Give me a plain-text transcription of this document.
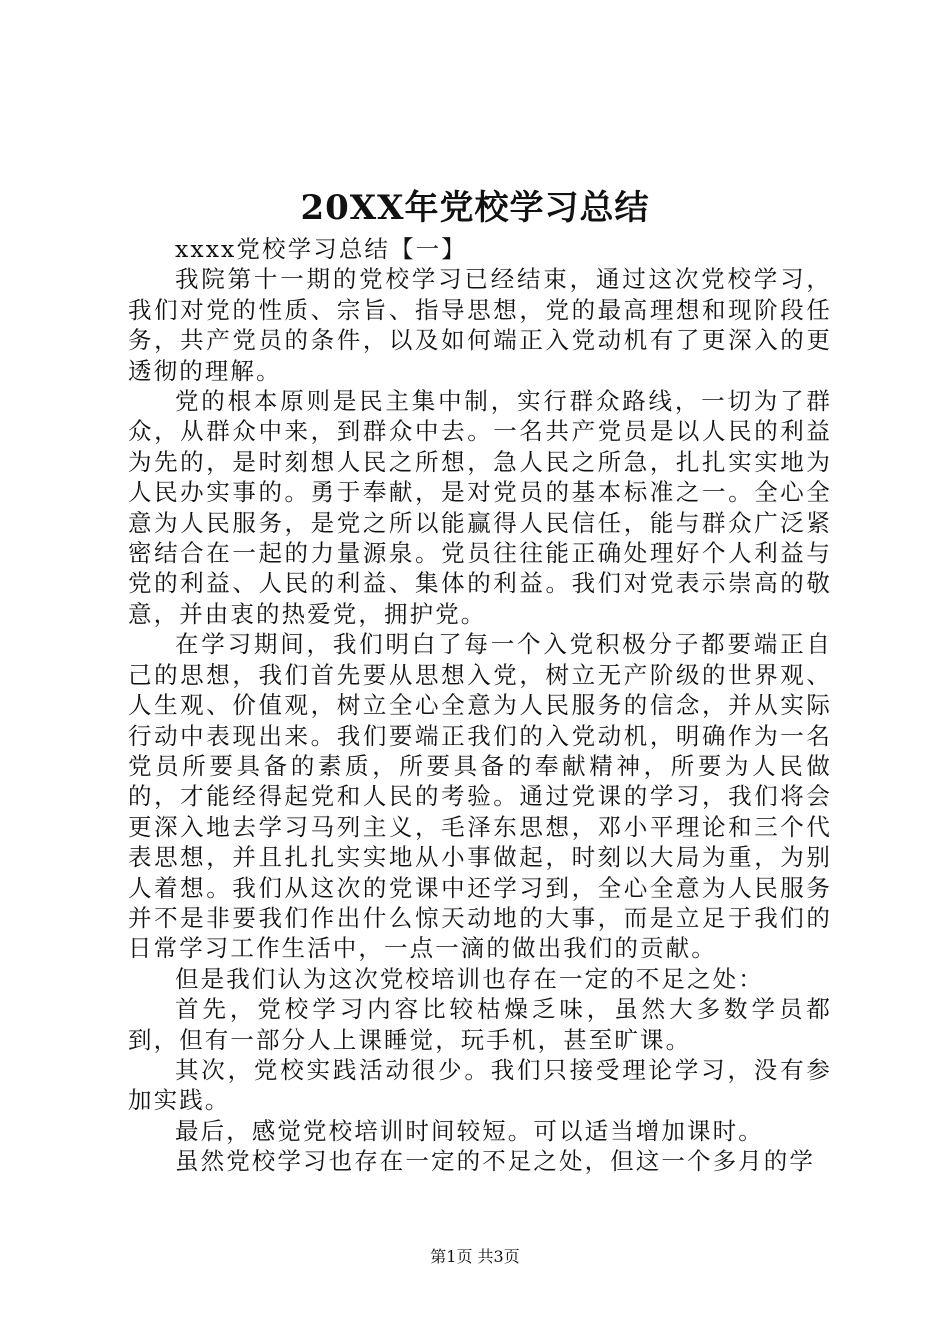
20XX年党校学习总结

xxxx党校学习总结【一】

我院第十一期的党校学习已经结束，通过这次党校学习，我们对党的性质、宗旨、指导思想，党的最高理想和现阶段任务，共产党员的条件，以及如何端正入党动机有了更深入的更透彻的理解。

党的根本原则是民主集中制，实行群众路线，一切为了群众，从群众中来，到群众中去。一名共产党员是以人民的利益为先的，是时刻想人民之所想，急人民之所急，扎扎实实地为人民办实事的。勇于奉献，是对党员的基本标准之一。全心全意为人民服务，是党之所以能赢得人民信任，能与群众广泛紧密结合在一起的力量源泉。党员往往能正确处理好个人利益与党的利益、人民的利益、集体的利益。我们对党表示崇高的敬意，并由衷的热爱党，拥护党。

在学习期间，我们明白了每一个入党积极分子都要端正自己的思想，我们首先要从思想入党，树立无产阶级的世界观、人生观、价值观，树立全心全意为人民服务的信念，并从实际行动中表现出来。我们要端正我们的入党动机，明确作为一名党员所要具备的素质，所要具备的奉献精神，所要为人民做的，才能经得起党和人民的考验。通过党课的学习，我们将会更深入地去学习马列主义，毛泽东思想，邓小平理论和三个代表思想，并且扎扎实实地从小事做起，时刻以大局为重，为别人着想。我们从这次的党课中还学习到，全心全意为人民服务并不是非要我们作出什么惊天动地的大事，而是立足于我们的日常学习工作生活中，一点一滴的做出我们的贡献。

但是我们认为这次党校培训也存在一定的不足之处：

首先，党校学习内容比较枯燥乏味，虽然大多数学员都到，但有一部分人上课睡觉，玩手机，甚至旷课。

其次，党校实践活动很少。我们只接受理论学习，没有参加实践。

最后，感觉党校培训时间较短。可以适当增加课时。

虽然党校学习也存在一定的不足之处，但这一个多月的学

第1页 共3页
